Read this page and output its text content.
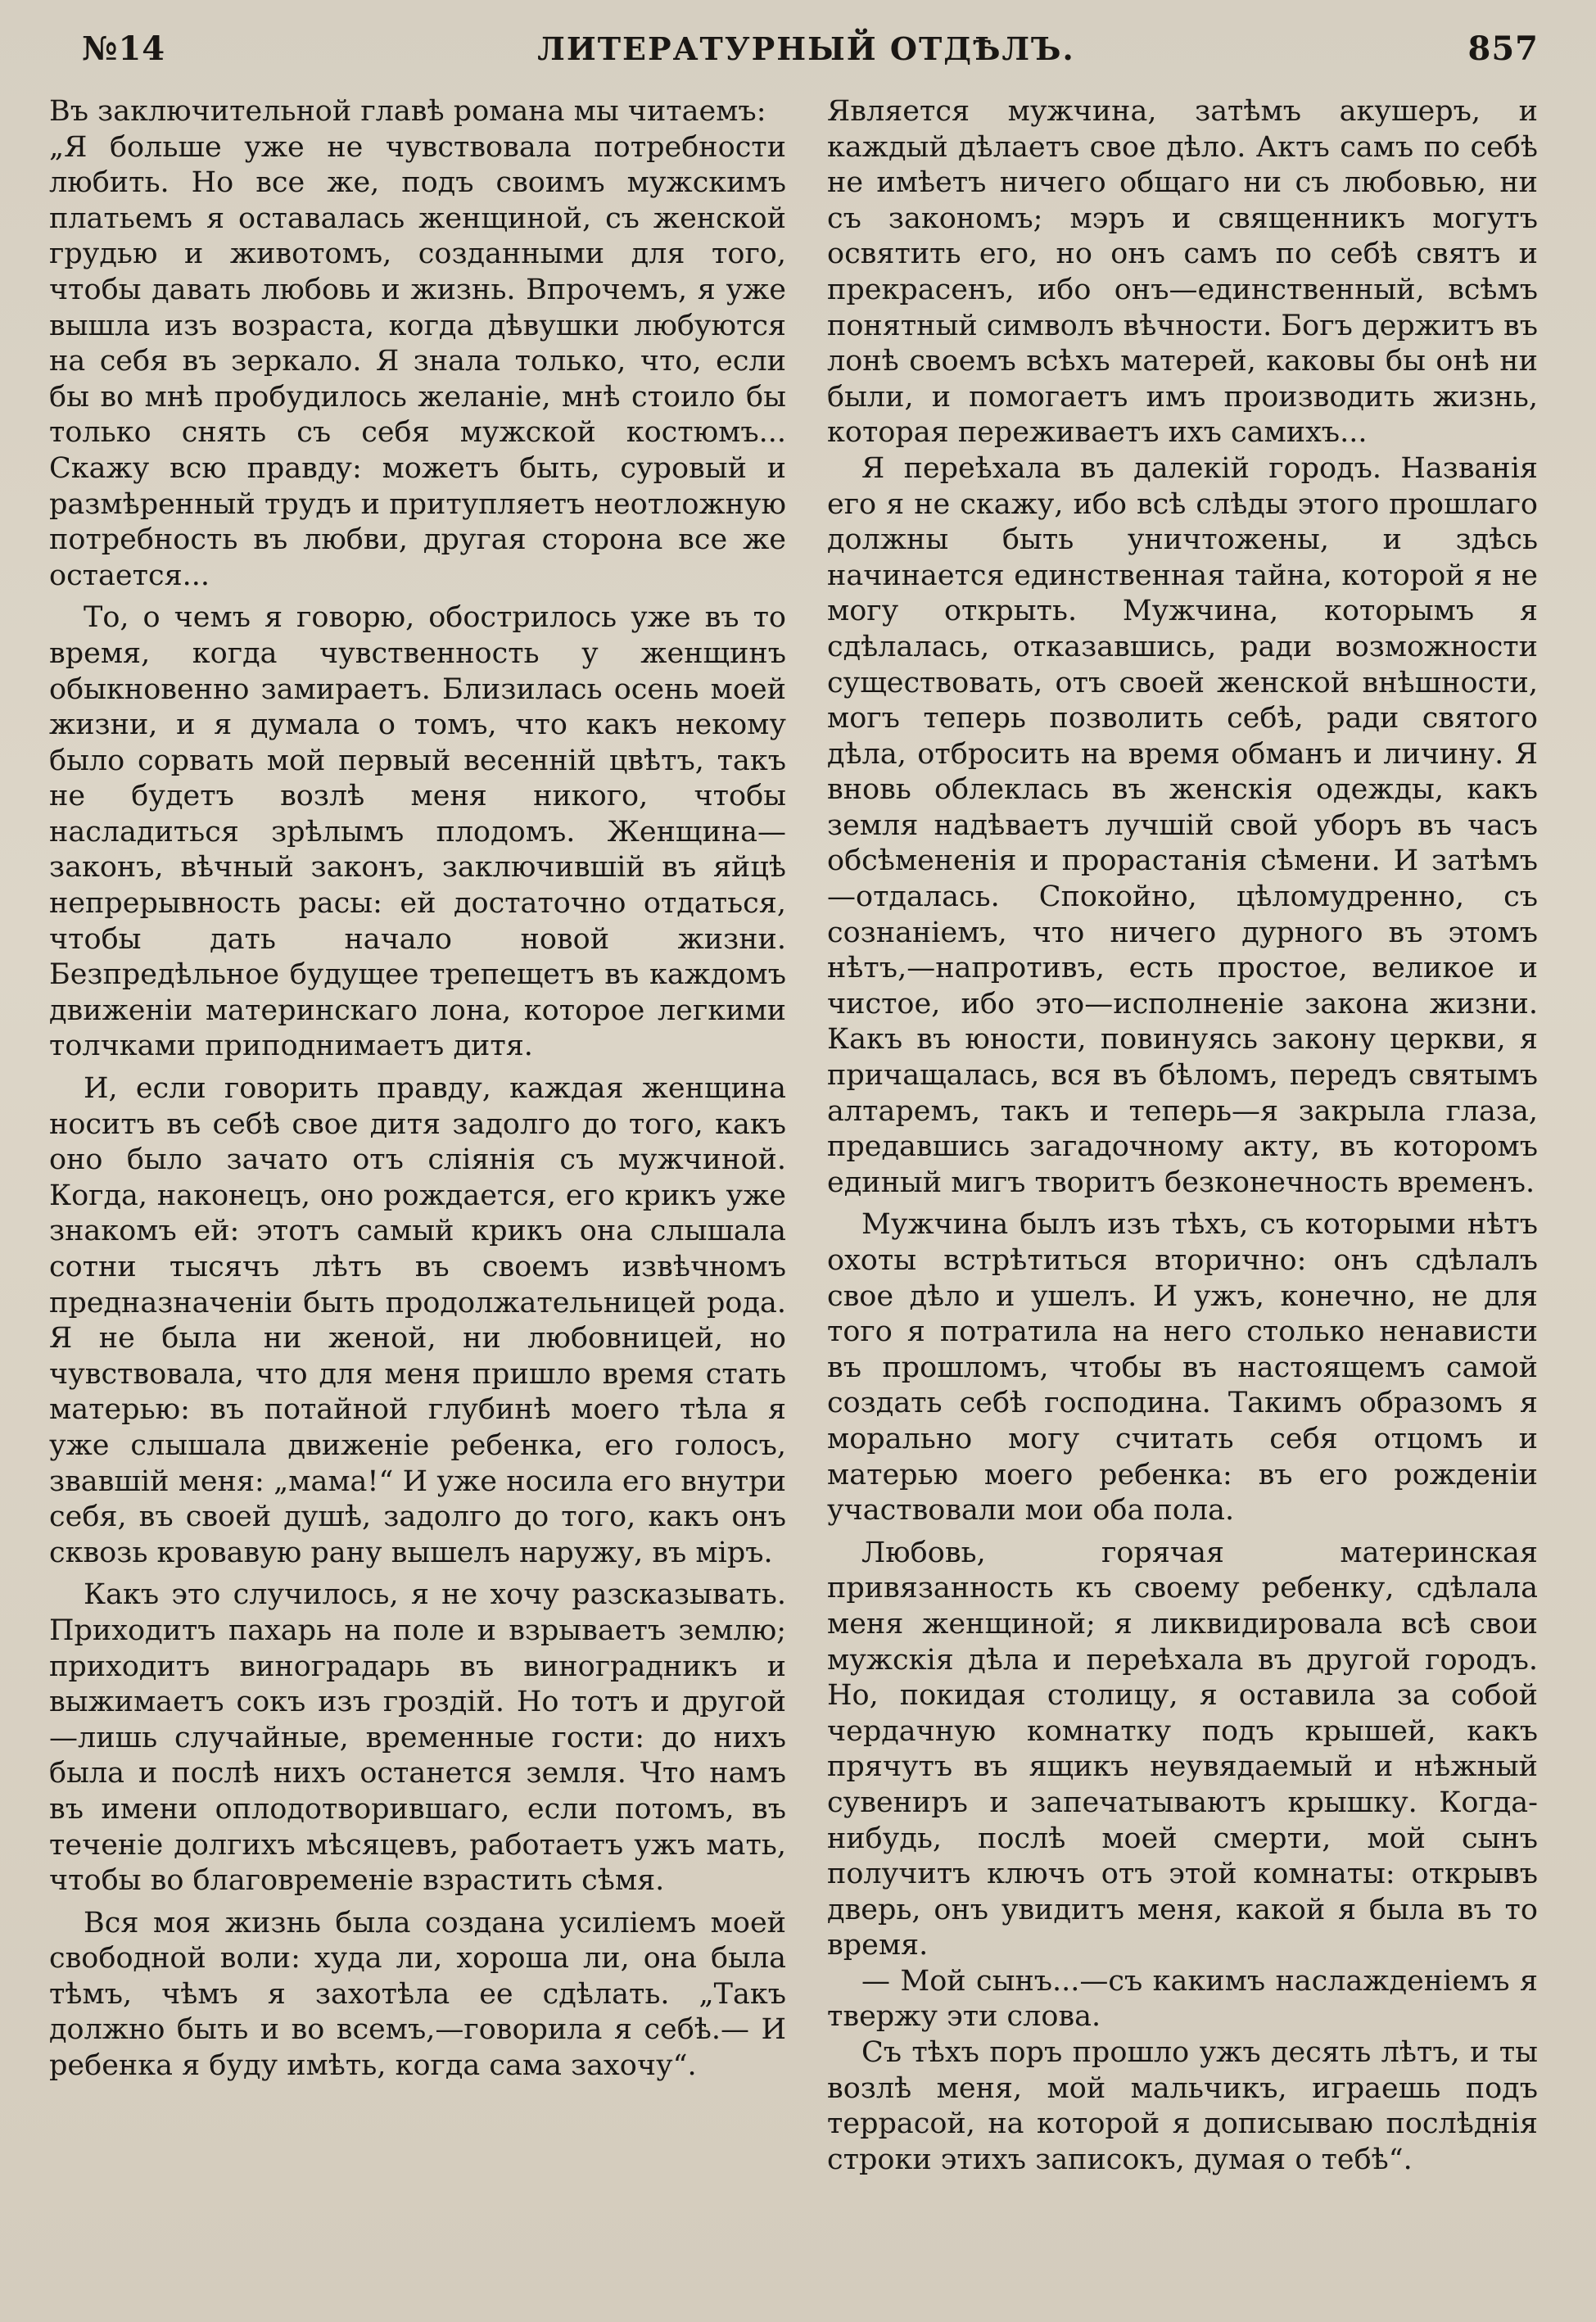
№14	ЛИТЕРАТУРНЫЙ ОТДѢЛЪ.	857

Въ заключительной главѣ романа мы читаемъ:

„Я больше уже не чувствовала потребности любить. Но все же, подъ своимъ мужскимъ платьемъ я оставалась женщиной, съ женской грудью и животомъ, созданными для того, чтобы давать любовь и жизнь. Впрочемъ, я уже вышла изъ возраста, когда дѣвушки любуются на себя въ зеркало. Я знала только, что, если бы во мнѣ пробудилось желаніе, мнѣ стоило бы только снять съ себя мужской костюмъ... Скажу всю правду: можетъ быть, суровый и размѣренный трудъ и притупляетъ неотложную потребность въ любви, другая сторона все же остается...

То, о чемъ я говорю, обострилось уже въ то время, когда чувственность у женщинъ обыкновенно замираетъ. Близилась осень моей жизни, и я думала о томъ, что какъ некому было сорвать мой первый весенній цвѣтъ, такъ не будетъ возлѣ меня никого, чтобы насладиться зрѣлымъ плодомъ. Женщина—законъ, вѣчный законъ, заключившій въ яйцѣ непрерывность расы: ей достаточно отдаться, чтобы дать начало новой жизни. Безпредѣльное будущее трепещетъ въ каждомъ движеніи материнскаго лона, которое легкими толчками приподнимаетъ дитя.

И, если говорить правду, каждая женщина носитъ въ себѣ свое дитя задолго до того, какъ оно было зачато отъ слiянiя съ мужчиной. Когда, наконецъ, оно рождается, его крикъ уже знакомъ ей: этотъ самый крикъ она слышала сотни тысячъ лѣтъ въ своемъ извѣчномъ предназначеніи быть продолжательницей рода. Я не была ни женой, ни любовницей, но чувствовала, что для меня пришло время стать матерью: въ потайной глубинѣ моего тѣла я уже слышала движеніе ребенка, его голосъ, звавшій меня: „мама!“ И уже носила его внутри себя, въ своей душѣ, задолго до того, какъ онъ сквозь кровавую рану вышелъ наружу, въ міръ.

Какъ это случилось, я не хочу разсказывать. Приходитъ пахарь на поле и взрываетъ землю; приходитъ виноградарь въ виноградникъ и выжимаетъ сокъ изъ гроздій. Но тотъ и другой—лишь случайные, временные гости: до нихъ была и послѣ нихъ останется земля. Что намъ въ имени оплодотворившаго, если потомъ, въ теченіе долгихъ мѣсяцевъ, работаетъ ужъ мать, чтобы во благовременіе взрастить сѣмя.

Вся моя жизнь была создана усиліемъ моей свободной воли: худа ли, хороша ли, она была тѣмъ, чѣмъ я захотѣла ее сдѣлать. „Такъ должно быть и во всемъ,—говорила я себѣ.— И ребенка я буду имѣть, когда сама захочу“.

Является мужчина, затѣмъ акушеръ, и каждый дѣлаетъ свое дѣло. Актъ самъ по себѣ не имѣетъ ничего общаго ни съ любовью, ни съ закономъ; мэръ и священникъ могутъ освятить его, но онъ самъ по себѣ святъ и прекрасенъ, ибо онъ—единственный, всѣмъ понятный символъ вѣчности. Богъ держитъ въ лонѣ своемъ всѣхъ матерей, каковы бы онѣ ни были, и помогаетъ имъ производить жизнь, которая переживаетъ ихъ самихъ...

Я переѣхала въ далекій городъ. Названія его я не скажу, ибо всѣ слѣды этого прошлаго должны быть уничтожены, и здѣсь начинается единственная тайна, которой я не могу открыть. Мужчина, которымъ я сдѣлалась, отказавшись, ради возможности существовать, отъ своей женской внѣшности, могъ теперь позволить себѣ, ради святого дѣла, отбросить на время обманъ и личину. Я вновь облеклась въ женскія одежды, какъ земля надѣваетъ лучшій свой уборъ въ часъ обсѣмененія и прорастанія сѣмени. И затѣмъ—отдалась. Спокойно, цѣломудренно, съ сознаніемъ, что ничего дурного въ этомъ нѣтъ,—напротивъ, есть простое, великое и чистое, ибо это—исполненіе закона жизни. Какъ въ юности, повинуясь закону церкви, я причащалась, вся въ бѣломъ, передъ святымъ алтаремъ, такъ и теперь—я закрыла глаза, предавшись загадочному акту, въ которомъ единый мигъ творитъ безконечность временъ.

Мужчина былъ изъ тѣхъ, съ которыми нѣтъ охоты встрѣтиться вторично: онъ сдѣлалъ свое дѣло и ушелъ. И ужъ, конечно, не для того я потратила на него столько ненависти въ прошломъ, чтобы въ настоящемъ самой создать себѣ господина. Такимъ образомъ я морально могу считать себя отцомъ и матерью моего ребенка: въ его рожденіи участвовали мои оба пола.

Любовь, горячая материнская привязанность къ своему ребенку, сдѣлала меня женщиной; я ликвидировала всѣ свои мужскія дѣла и переѣхала въ другой городъ. Но, покидая столицу, я оставила за собой чердачную комнатку подъ крышей, какъ прячутъ въ ящикъ неувядаемый и нѣжный сувениръ и запечатываютъ крышку. Когда-нибудь, послѣ моей смерти, мой сынъ получитъ ключъ отъ этой комнаты: открывъ дверь, онъ увидитъ меня, какой я была въ то время.

— Мой сынъ...—съ какимъ наслажденіемъ я твержу эти слова.

Съ тѣхъ поръ прошло ужъ десять лѣтъ, и ты возлѣ меня, мой мальчикъ, играешь подъ террасой, на которой я дописываю послѣднія строки этихъ записокъ, думая о тебѣ“.
